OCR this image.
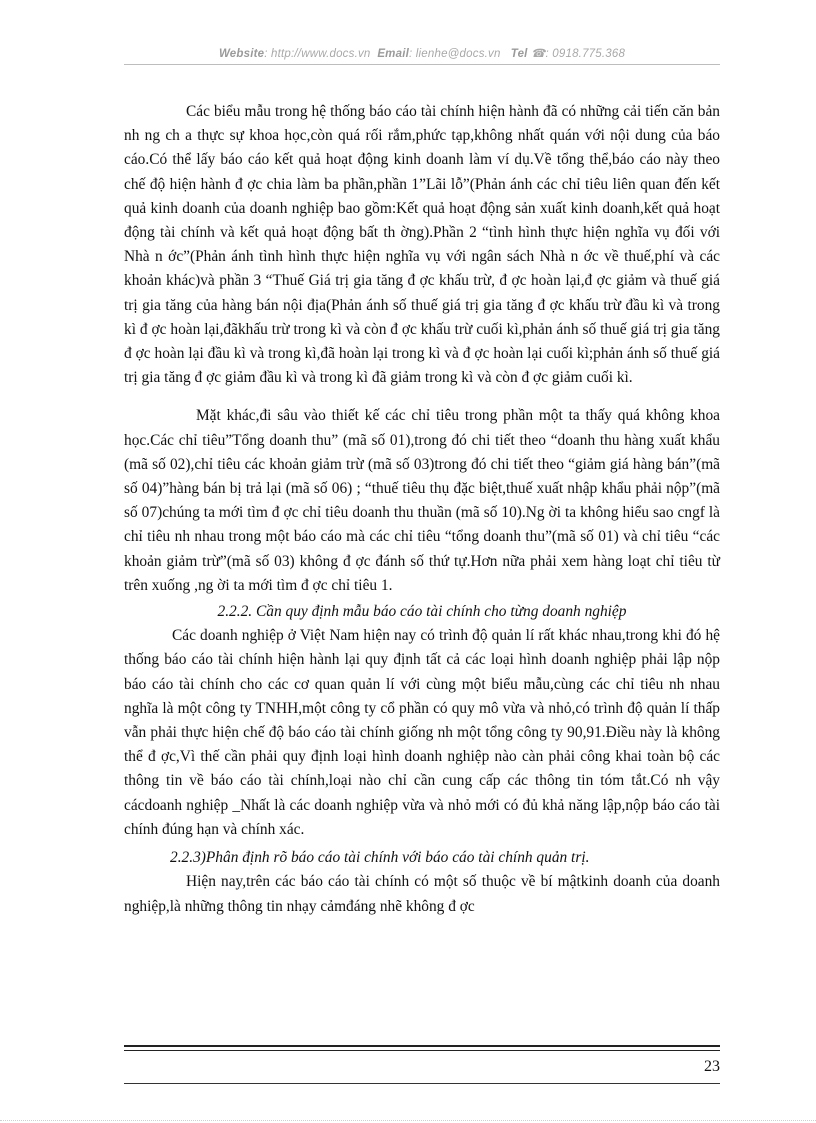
Website: http://www.docs.vn Email: lienhe@docs.vn Tel ☎: 0918.775.368

Các biểu mẫu trong hệ thống báo cáo tài chính hiện hành đã có những cải tiến căn bản nh ng ch a thực sự khoa học,còn quá rối rắm,phức tạp,không nhất quán với nội dung của báo cáo.Có thể lấy báo cáo kết quả hoạt động kinh doanh làm ví dụ.Về tổng thể,báo cáo này theo chế độ hiện hành đ ợc chia làm ba phần,phần 1”Lãi lỗ”(Phản ánh các chỉ tiêu liên quan đến kết quả kinh doanh của doanh nghiệp bao gồm:Kết quả hoạt động sản xuất kinh doanh,kết quả hoạt động tài chính và kết quả hoạt động bất th ờng).Phần 2 “tình hình thực hiện nghĩa vụ đối với Nhà n ớc”(Phản ánh tình hình thực hiện nghĩa vụ với ngân sách Nhà n ớc về thuế,phí và các khoản khác)và phần 3 “Thuế Giá trị gia tăng đ ợc khấu trừ, đ ợc hoàn lại,đ ợc giảm và thuế giá trị gia tăng của hàng bán nội địa(Phản ánh số thuế giá trị gia tăng đ ợc khấu trừ đầu kì và trong kì đ ợc hoàn lại,đãkhấu trừ trong kì và còn đ ợc khấu trừ cuối kì,phản ánh số thuế giá trị gia tăng đ ợc hoàn lại đầu kì và trong kì,đã hoàn lại trong kì và đ ợc hoàn lại cuối kì;phản ánh số thuế giá trị gia tăng đ ợc giảm đầu kì và trong kì đã giảm trong kì và còn đ ợc giảm cuối kì.

Mặt khác,đi sâu vào thiết kế các chỉ tiêu trong phần một ta thấy quá không khoa học.Các chỉ tiêu”Tổng doanh thu” (mã số 01),trong đó chi tiết theo “doanh thu hàng xuất khẩu (mã số 02),chỉ tiêu các khoản giảm trừ (mã số 03)trong đó chi tiết theo “giảm giá hàng bán”(mã số 04)”hàng bán bị trả lại (mã số 06) ; “thuế tiêu thụ đặc biệt,thuế xuất nhập khẩu phải nộp”(mã số 07)chúng ta mới tìm đ ợc chỉ tiêu doanh thu thuần (mã số 10).Ng ời ta không hiểu sao cngf là chỉ tiêu nh nhau trong một báo cáo mà các chỉ tiêu “tổng doanh thu”(mã số 01) và chỉ tiêu “các khoản giảm trừ”(mã số 03) không đ ợc đánh số thứ tự.Hơn nữa phải xem hàng loạt chỉ tiêu từ trên xuống ,ng ời ta mới tìm đ ợc chỉ tiêu 1.

2.2.2. Cần quy định mẫu báo cáo tài chính cho từng doanh nghiệp

Các doanh nghiệp ở Việt Nam hiện nay có trình độ quản lí rất khác nhau,trong khi đó hệ thống báo cáo tài chính hiện hành lại quy định tất cả các loại hình doanh nghiệp phải lập nộp báo cáo tài chính cho các cơ quan quản lí với cùng một biểu mẫu,cùng các chỉ tiêu nh nhau nghĩa là một công ty TNHH,một công ty cổ phần có quy mô vừa và nhỏ,có trình độ quản lí thấp vẫn phải thực hiện chế độ báo cáo tài chính giống nh một tổng công ty 90,91.Điều này là không thể đ ợc,Vì thế cần phải quy định loại hình doanh nghiệp nào càn phải công khai toàn bộ các thông tin về báo cáo tài chính,loại nào chỉ cần cung cấp các thông tin tóm tắt.Có nh vậy cácdoanh nghiệp _Nhất là các doanh nghiệp vừa và nhỏ mới có đủ khả năng lập,nộp báo cáo tài chính đúng hạn và chính xác.

2.2.3)Phân định rõ báo cáo tài chính với báo cáo tài chính quản trị.

Hiện nay,trên các báo cáo tài chính có một số thuộc về bí mậtkinh doanh của doanh nghiệp,là những thông tin nhạy cảmđáng nhẽ không đ ợc

23
